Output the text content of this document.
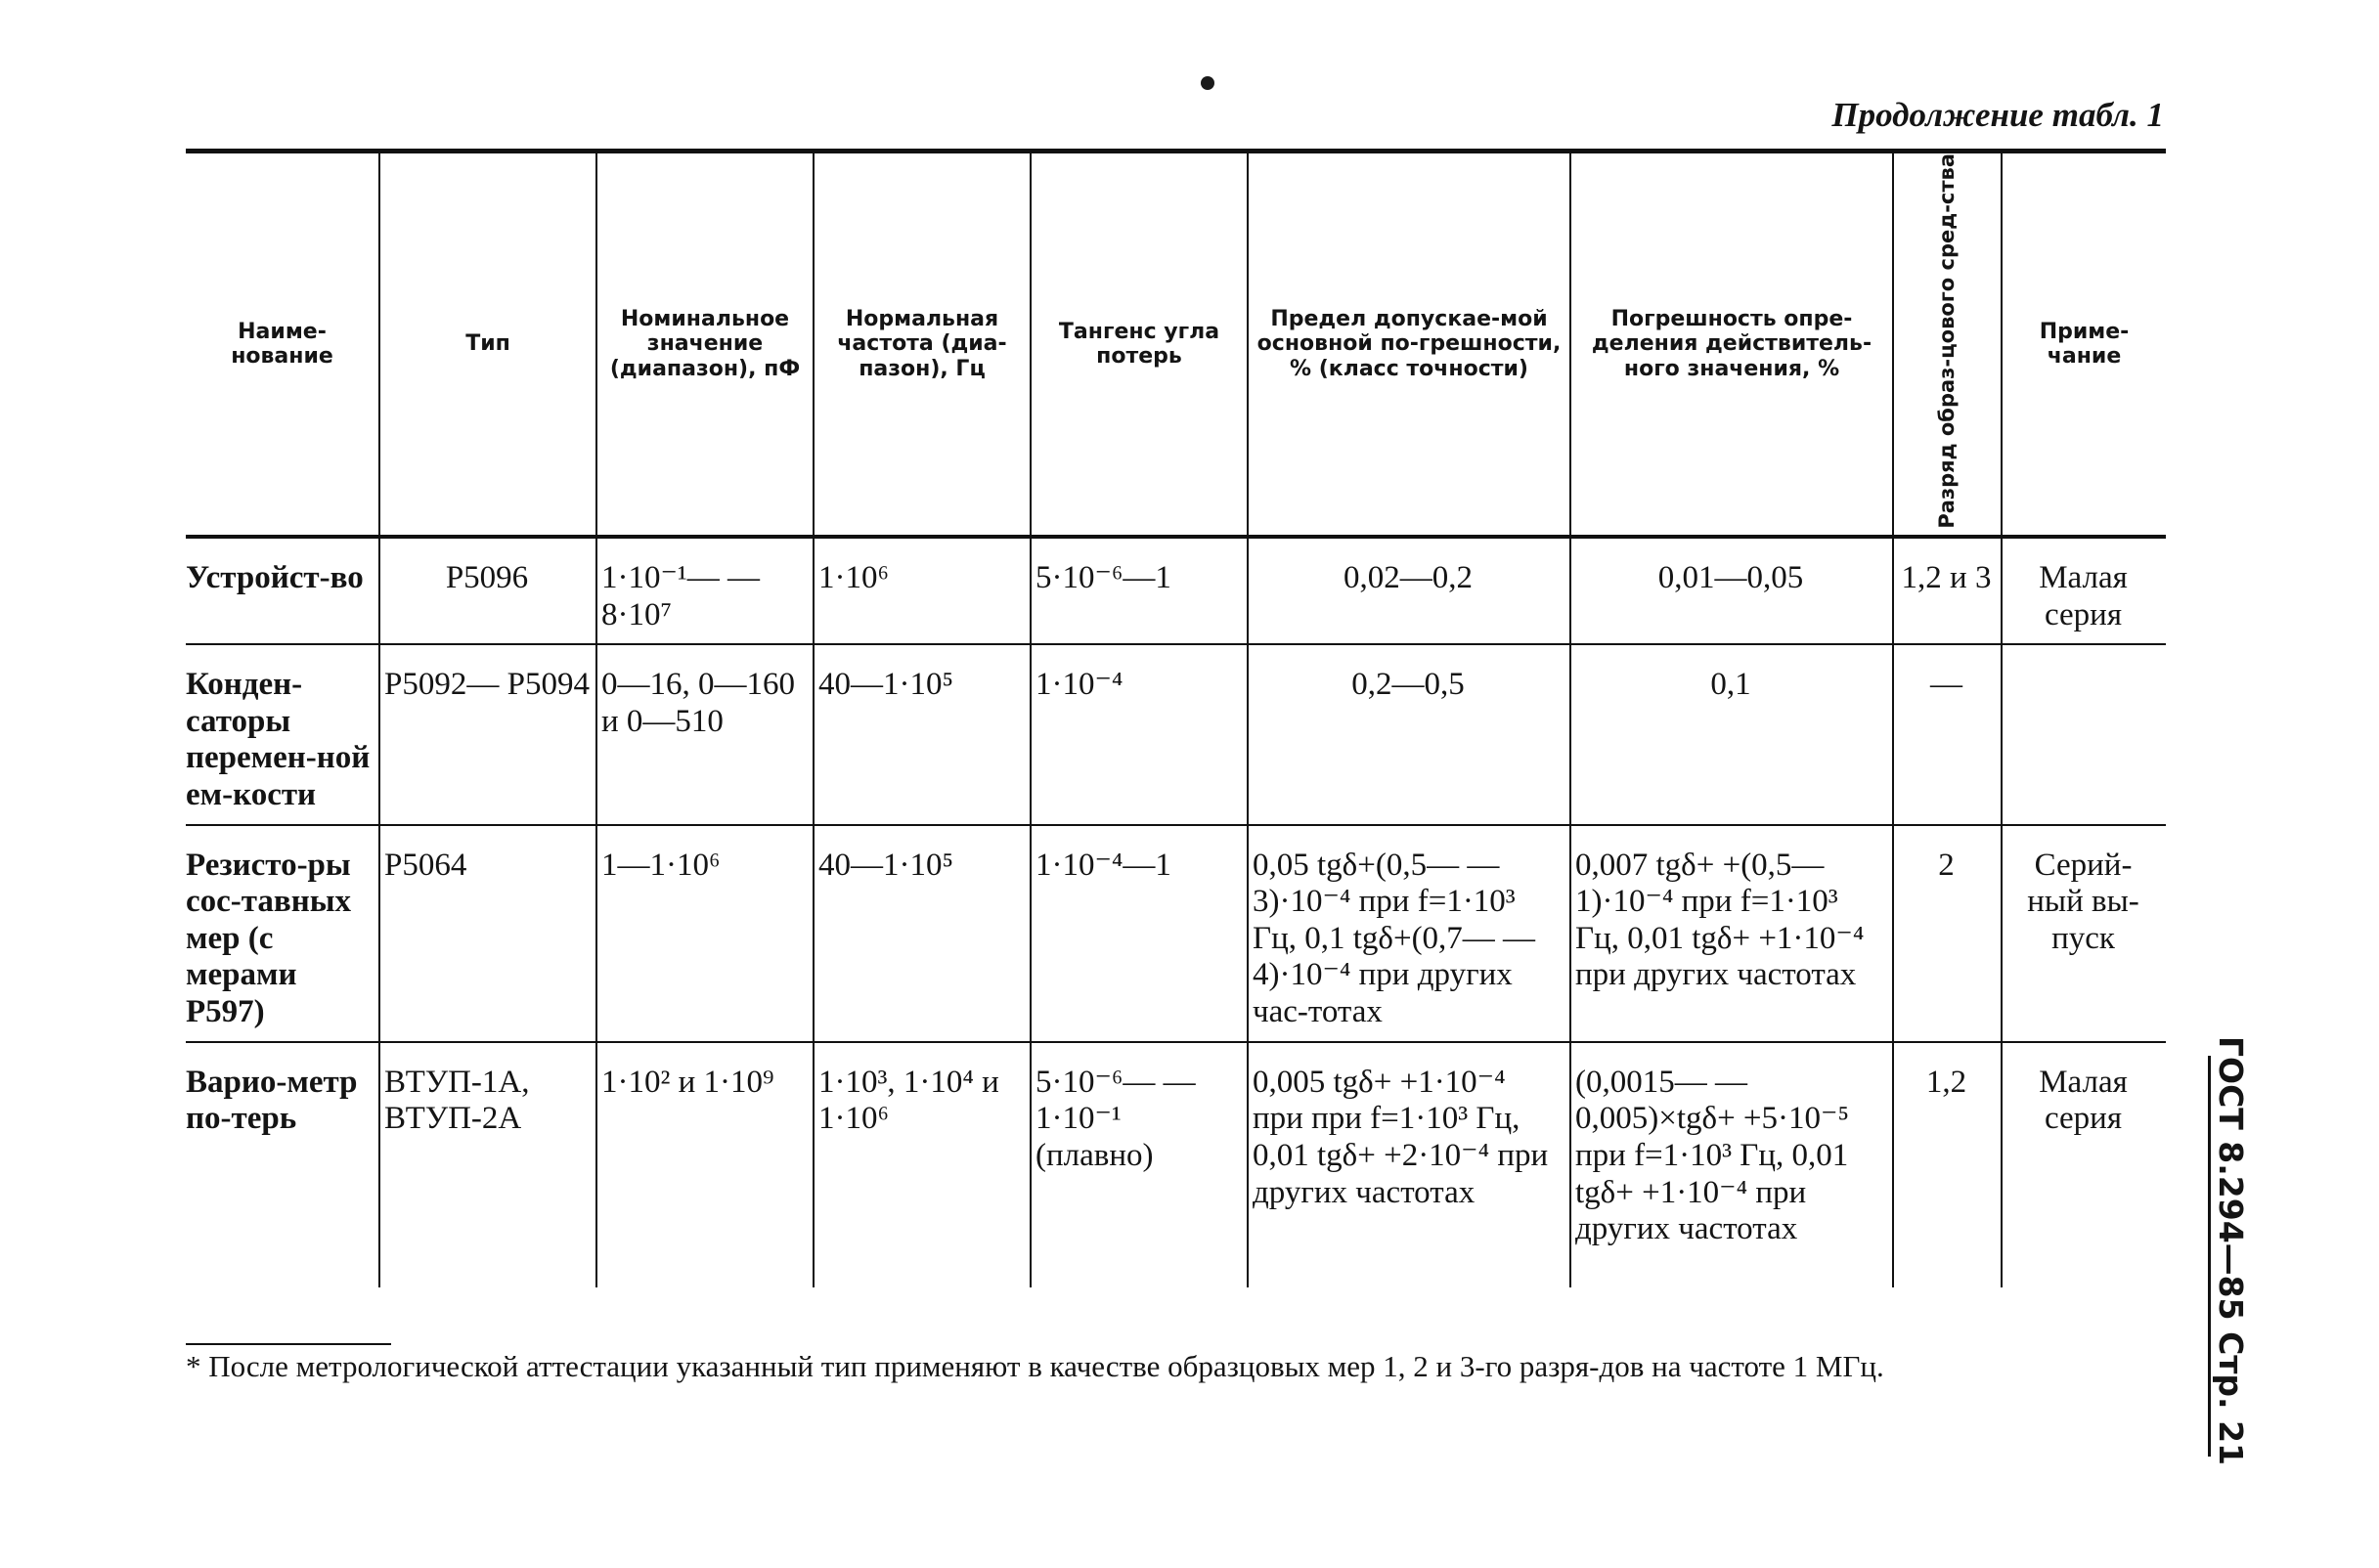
Продолжение табл. 1
Наиме-нование	Тип	Номинальное значение (диапазон), пФ	Нормальная частота (диа-пазон), Гц	Тангенс угла потерь	Предел допускае-мой основной по-грешности, % (класс точности)	Погрешность опре-деления действитель-ного значения, %	Разряд образ-цового сред-ства	Приме-чание
Устройст-во	Р5096	1·10⁻¹— —8·10⁷	1·10⁶	5·10⁻⁶—1	0,02—0,2	0,01—0,05	1,2 и 3	Малая серия
Конден-саторы перемен-ной ем-кости	Р5092— Р5094	0—16, 0—160 и 0—510	40—1·10⁵	1·10⁻⁴	0,2—0,5	0,1	—	
Резисто-ры сос-тавных мер (с мерами Р597)	Р5064	1—1·10⁶	40—1·10⁵	1·10⁻⁴—1	0,05 tgδ+(0,5— —3)·10⁻⁴ при f=1·10³ Гц, 0,1 tgδ+(0,7— —4)·10⁻⁴ при других час-тотах	0,007 tgδ+ +(0,5—1)·10⁻⁴ при f=1·10³ Гц, 0,01 tgδ+ +1·10⁻⁴ при других частотах	2	Серий-ный вы-пуск
Варио-метр по-терь	ВТУП-1А, ВТУП-2А	1·10² и 1·10⁹	1·10³, 1·10⁴ и 1·10⁶	5·10⁻⁶— —1·10⁻¹ (плавно)	0,005 tgδ+ +1·10⁻⁴ при при f=1·10³ Гц, 0,01 tgδ+ +2·10⁻⁴ при других частотах	(0,0015— —0,005)×tgδ+ +5·10⁻⁵ при f=1·10³ Гц, 0,01 tgδ+ +1·10⁻⁴ при других частотах	1,2	Малая серия
* После метрологической аттестации указанный тип применяют в качестве образцовых мер 1, 2 и 3-го разря-дов на частоте 1 МГц.	ГОСТ 8.294—85 Стр. 21
